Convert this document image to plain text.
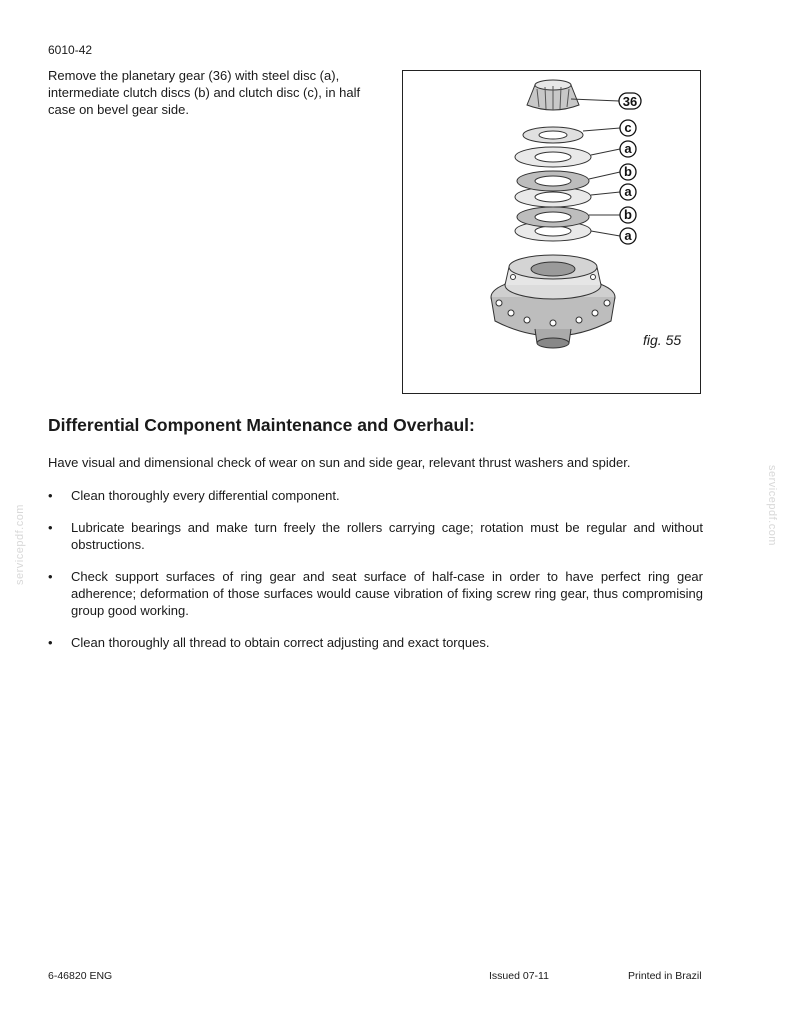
6010-42
Remove the planetary gear (36) with steel disc (a), intermediate clutch discs (b) and clutch disc (c), in half case on bevel gear side.
36
c
a
b
a
b
a
fig. 55
Differential Component Maintenance and Overhaul:
Have visual and dimensional check of wear on sun and side gear, relevant thrust washers and spider.
• Clean thoroughly every differential component.
• Lubricate bearings and make turn freely the rollers carrying cage; rotation must be regular and without obstructions.
• Check support surfaces of ring gear and seat surface of half-case in order to have perfect ring gear adherence; deformation of those surfaces would cause vibration of fixing screw ring gear, thus compromising group good working.
• Clean thoroughly all thread to obtain correct adjusting and exact torques.
servicepdf.com	servicepdf.com
6-46820 ENG	Issued 07-11	Printed in Brazil
